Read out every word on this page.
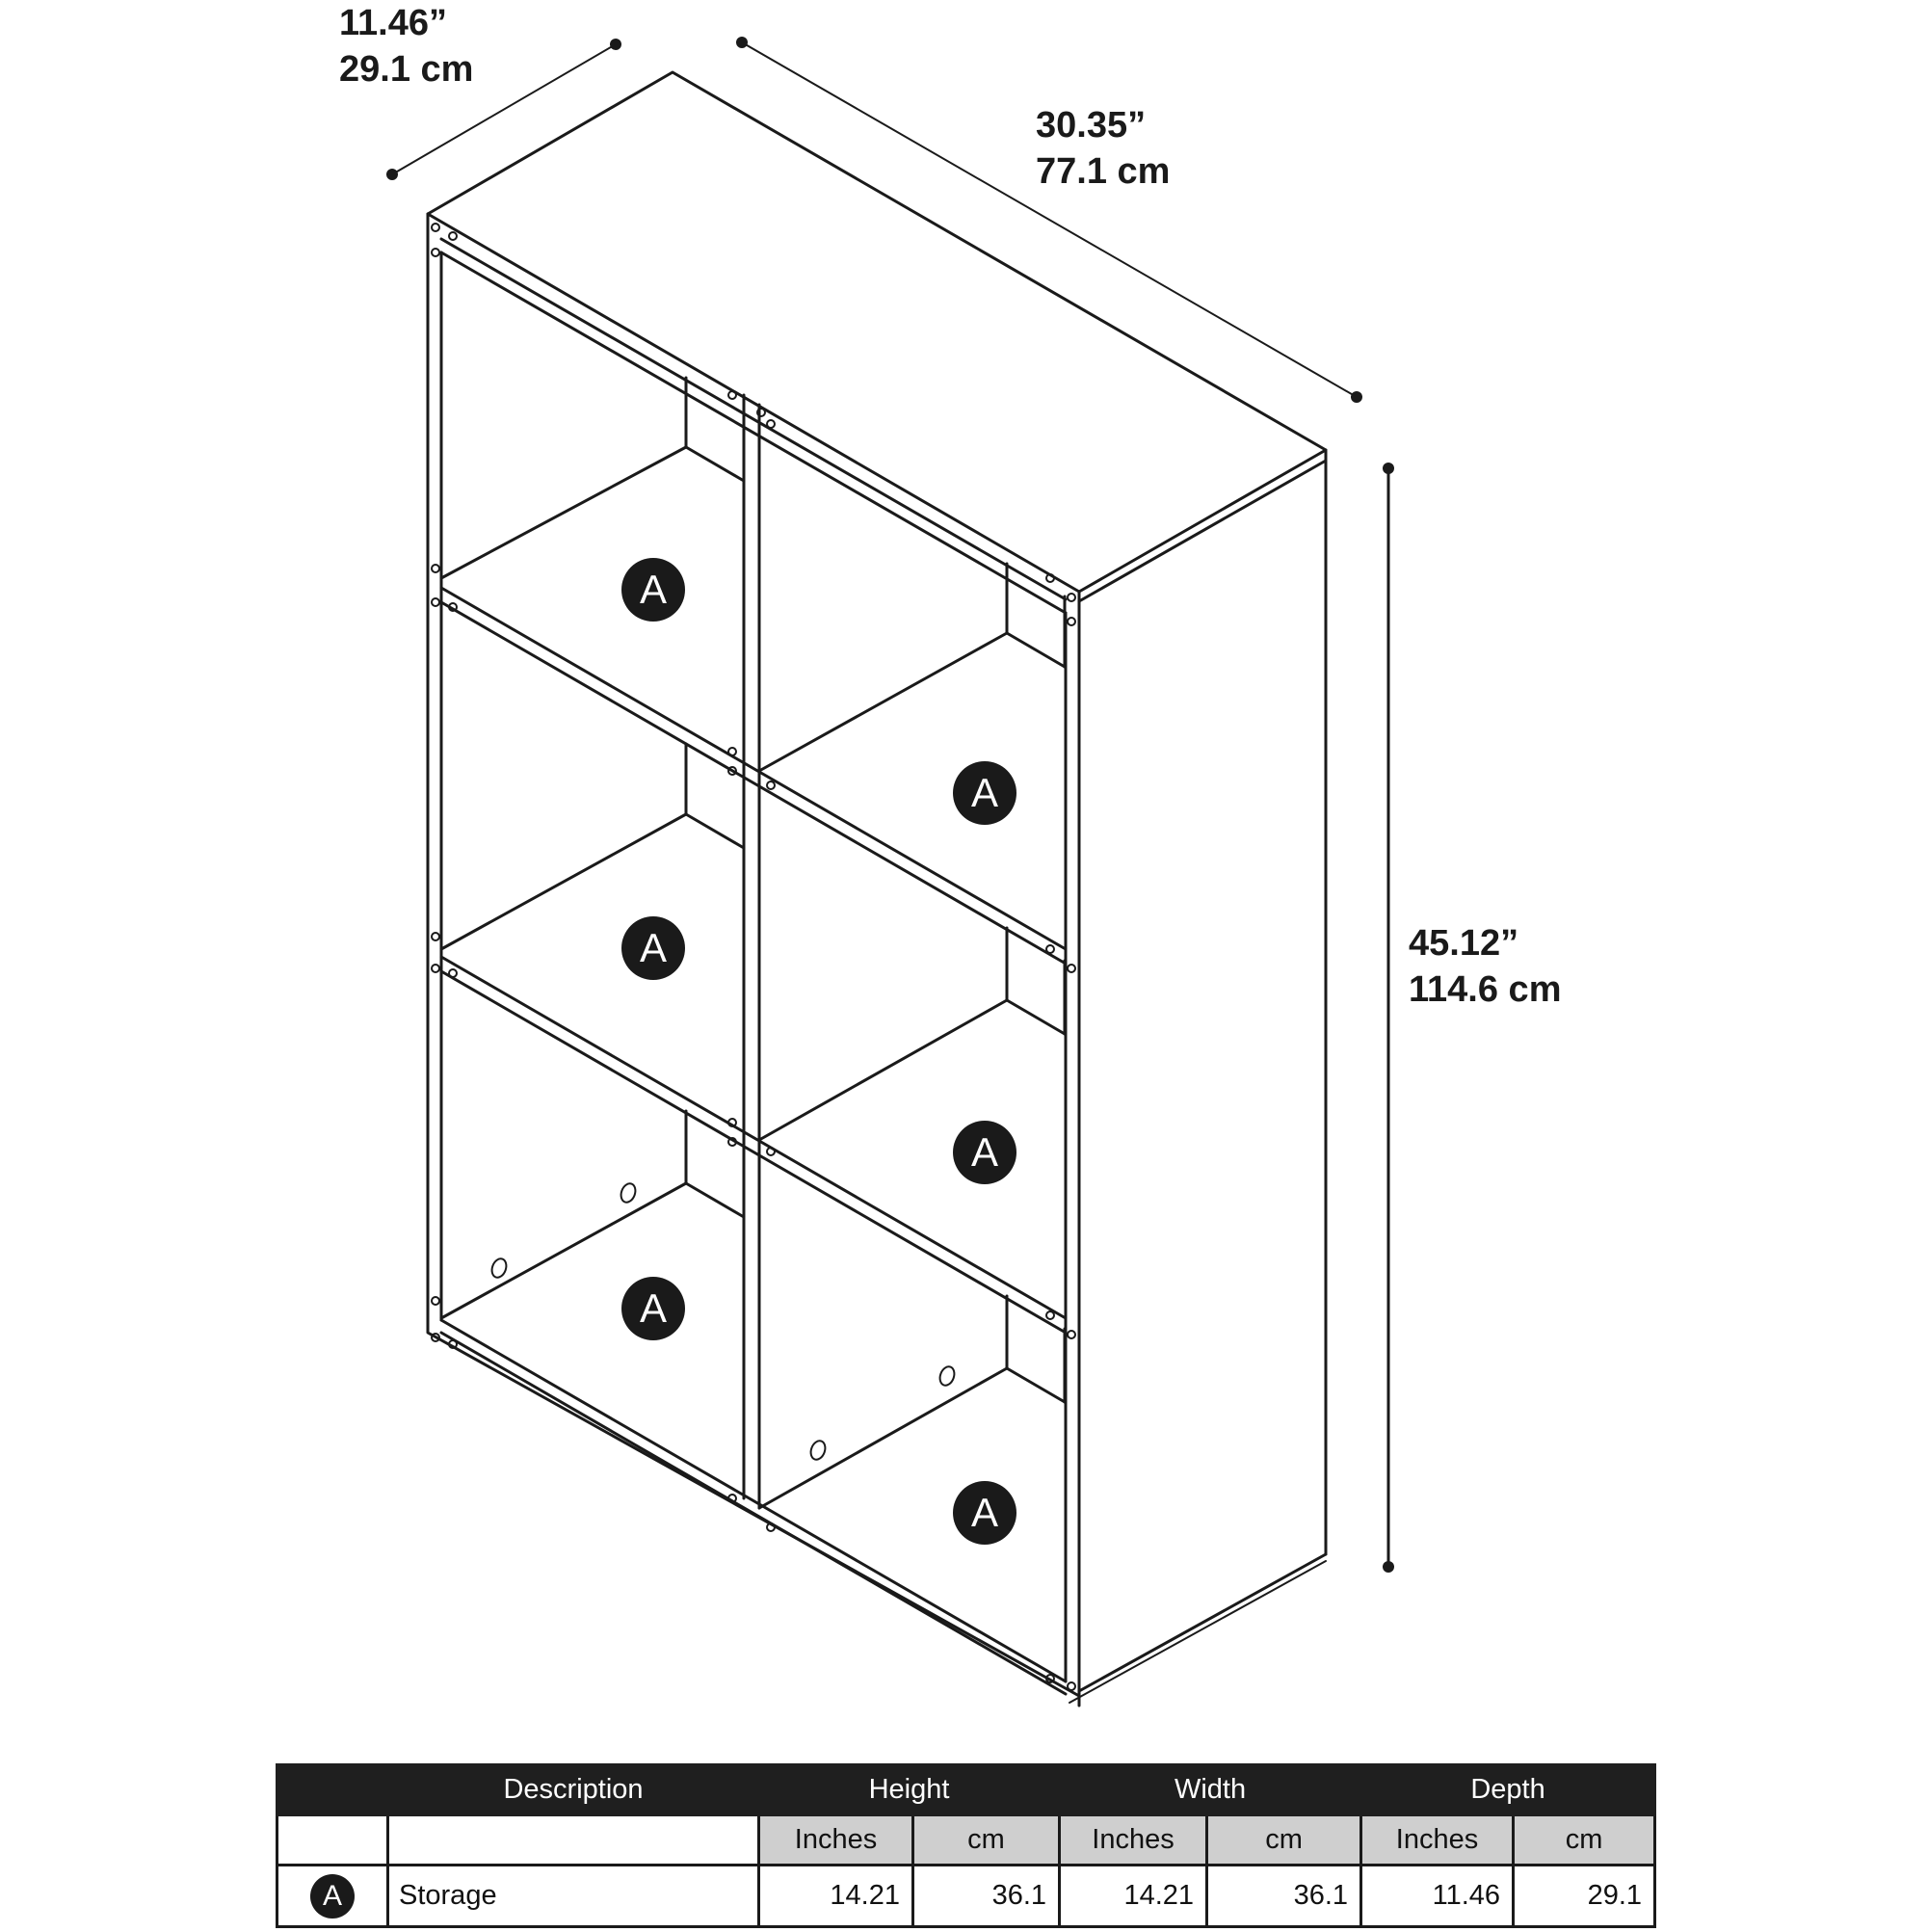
A
A
A
A
A
A
11.46”
29.1 cm
30.35”
77.1 cm
45.12”
114.6 cm
	Description	Height		Width		Depth	
		Inches	cm	Inches	cm	Inches	cm
A	Storage	14.21	36.1	14.21	36.1	11.46	29.1
